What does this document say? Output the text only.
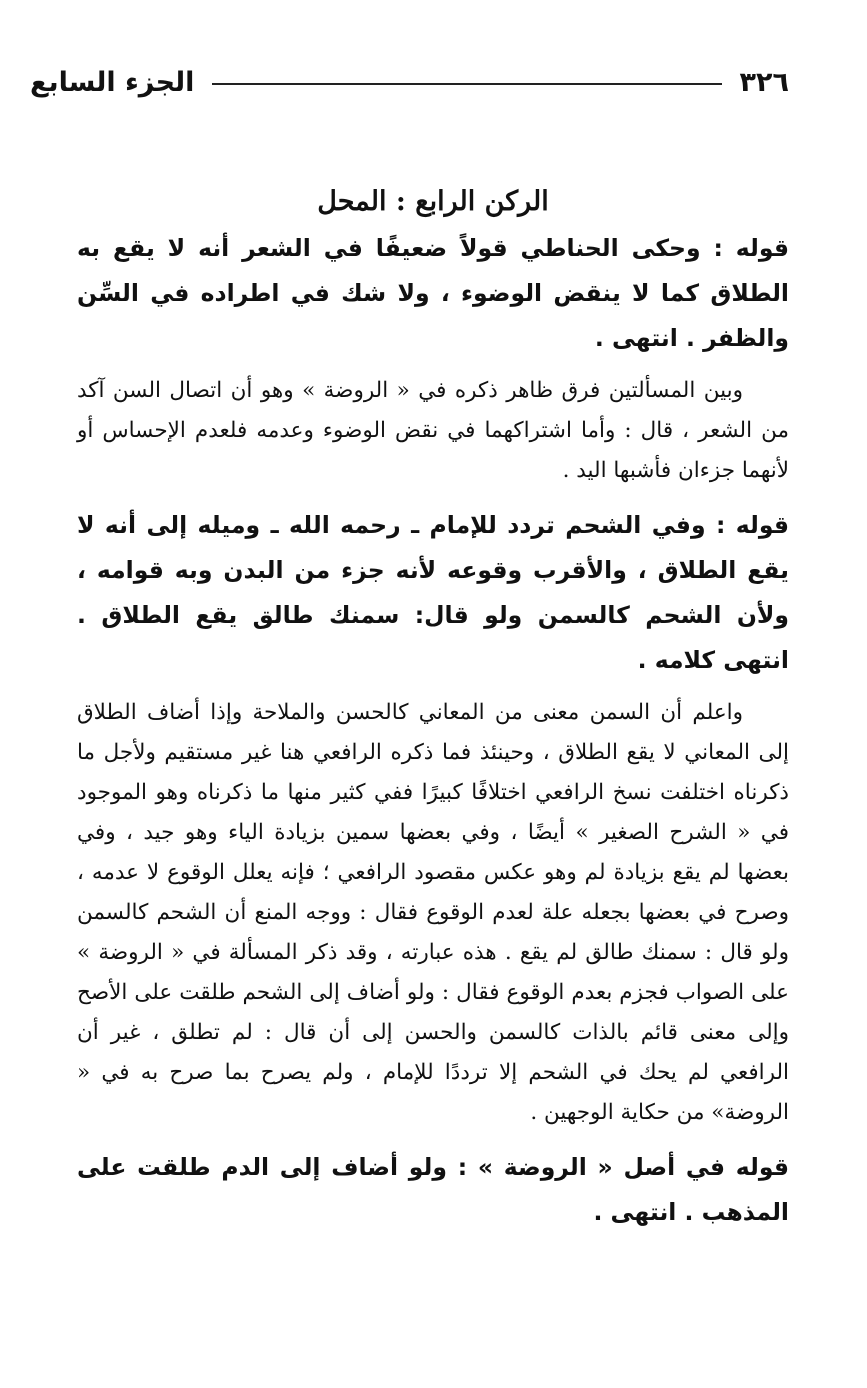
٣٢٦
الجزء السابع
الركن الرابع : المحل

قوله : وحكى الحناطي قولاً ضعيفًا في الشعر أنه لا يقع به الطلاق كما لا ينقض الوضوء ، ولا شك في اطراده في السِّن والظفر . انتهى .

وبين المسألتين فرق ظاهر ذكره في « الروضة » وهو أن اتصال السن آكد من الشعر ، قال : وأما اشتراكهما في نقض الوضوء وعدمه فلعدم الإحساس أو لأنهما جزءان فأشبها اليد .

قوله : وفي الشحم تردد للإمام ـ رحمه الله ـ وميله إلى أنه لا يقع الطلاق ، والأقرب وقوعه لأنه جزء من البدن وبه قوامه ، ولأن الشحم كالسمن ولو قال: سمنك طالق يقع الطلاق . انتهى كلامه .

واعلم أن السمن معنى من المعاني كالحسن والملاحة وإذا أضاف الطلاق إلى المعاني لا يقع الطلاق ، وحينئذ فما ذكره الرافعي هنا غير مستقيم ولأجل ما ذكرناه اختلفت نسخ الرافعي اختلافًا كبيرًا ففي كثير منها ما ذكرناه وهو الموجود في « الشرح الصغير » أيضًا ، وفي بعضها سمين بزيادة الياء وهو جيد ، وفي بعضها لم يقع بزيادة لم وهو عكس مقصود الرافعي ؛ فإنه يعلل الوقوع لا عدمه ، وصرح في بعضها بجعله علة لعدم الوقوع فقال : ووجه المنع أن الشحم كالسمن ولو قال : سمنك طالق لم يقع . هذه عبارته ، وقد ذكر المسألة في « الروضة » على الصواب فجزم بعدم الوقوع فقال : ولو أضاف إلى الشحم طلقت على الأصح وإلى معنى قائم بالذات كالسمن والحسن إلى أن قال : لم تطلق ، غير أن الرافعي لم يحك في الشحم إلا ترددًا للإمام ، ولم يصرح بما صرح به في « الروضة» من حكاية الوجهين .

قوله في أصل « الروضة » : ولو أضاف إلى الدم طلقت على المذهب . انتهى .
